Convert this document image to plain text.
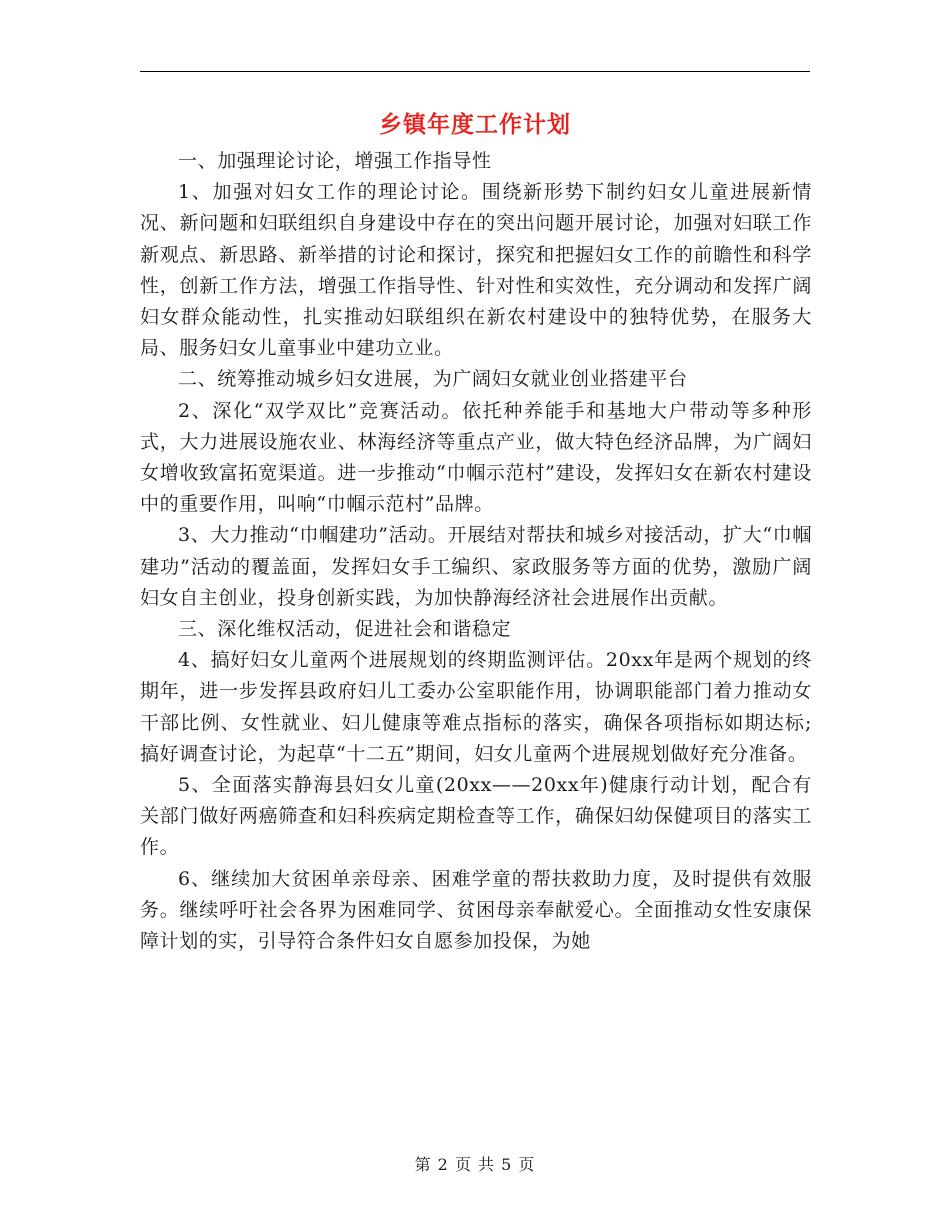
乡镇年度工作计划

一、加强理论讨论，增强工作指导性

1、加强对妇女工作的理论讨论。围绕新形势下制约妇女儿童进展新情况、新问题和妇联组织自身建设中存在的突出问题开展讨论，加强对妇联工作新观点、新思路、新举措的讨论和探讨，探究和把握妇女工作的前瞻性和科学性，创新工作方法，增强工作指导性、针对性和实效性，充分调动和发挥广阔妇女群众能动性，扎实推动妇联组织在新农村建设中的独特优势，在服务大局、服务妇女儿童事业中建功立业。

二、统筹推动城乡妇女进展，为广阔妇女就业创业搭建平台

2、深化“双学双比”竞赛活动。依托种养能手和基地大户带动等多种形式，大力进展设施农业、林海经济等重点产业，做大特色经济品牌，为广阔妇女增收致富拓宽渠道。进一步推动“巾帼示范村”建设，发挥妇女在新农村建设中的重要作用，叫响“巾帼示范村”品牌。

3、大力推动“巾帼建功”活动。开展结对帮扶和城乡对接活动，扩大“巾帼建功”活动的覆盖面，发挥妇女手工编织、家政服务等方面的优势，激励广阔妇女自主创业，投身创新实践，为加快静海经济社会进展作出贡献。

三、深化维权活动，促进社会和谐稳定

4、搞好妇女儿童两个进展规划的终期监测评估。20xx年是两个规划的终期年，进一步发挥县政府妇儿工委办公室职能作用，协调职能部门着力推动女干部比例、女性就业、妇儿健康等难点指标的落实，确保各项指标如期达标;搞好调查讨论，为起草“十二五”期间，妇女儿童两个进展规划做好充分准备。

5、全面落实静海县妇女儿童(20xx——20xx年)健康行动计划，配合有关部门做好两癌筛查和妇科疾病定期检查等工作，确保妇幼保健项目的落实工作。

6、继续加大贫困单亲母亲、困难学童的帮扶救助力度，及时提供有效服务。继续呼吁社会各界为困难同学、贫困母亲奉献爱心。全面推动女性安康保障计划的实，引导符合条件妇女自愿参加投保，为她

第 2 页 共 5 页
